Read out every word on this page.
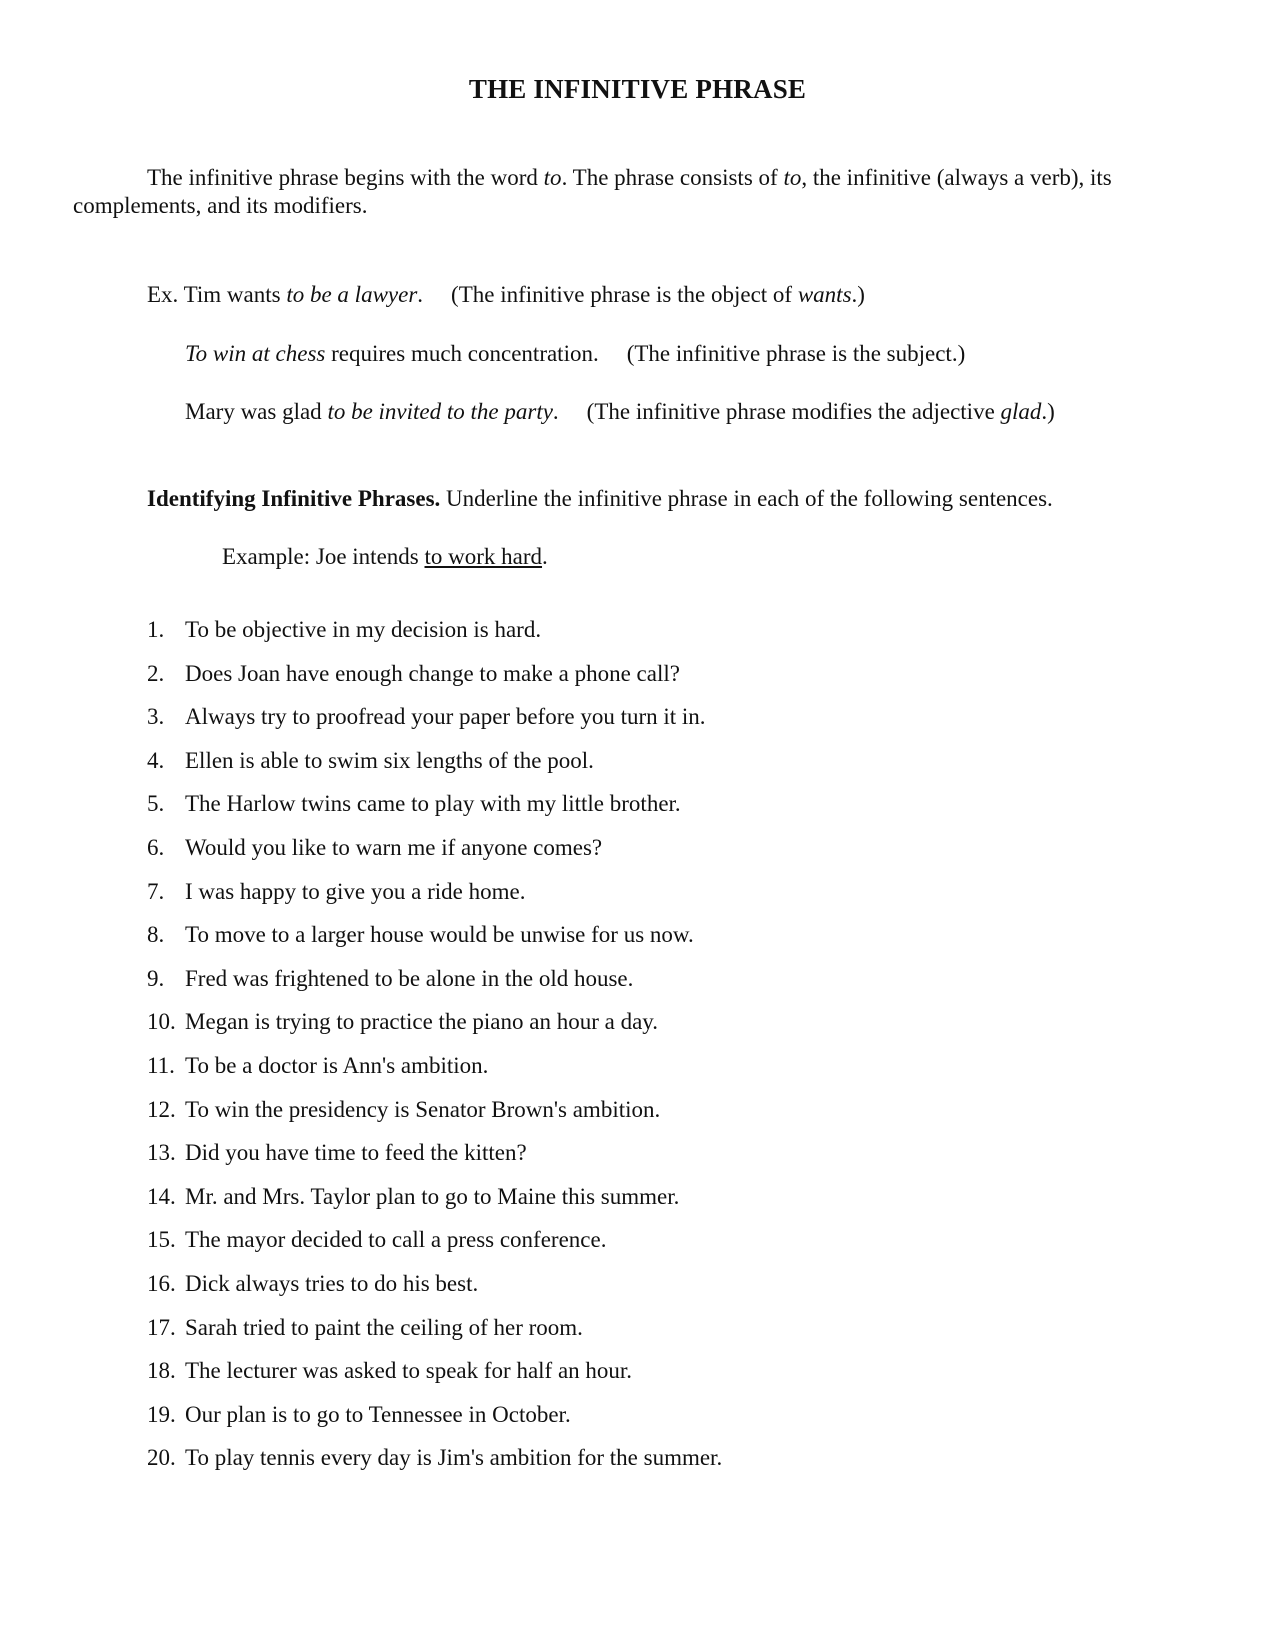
THE INFINITIVE PHRASE
The infinitive phrase begins with the word to. The phrase consists of to, the infinitive (always a verb), its complements, and its modifiers.
Ex. Tim wants to be a lawyer. (The infinitive phrase is the object of wants.)
To win at chess requires much concentration. (The infinitive phrase is the subject.)
Mary was glad to be invited to the party. (The infinitive phrase modifies the adjective glad.)
Identifying Infinitive Phrases. Underline the infinitive phrase in each of the following sentences.
Example: Joe intends to work hard.
1. To be objective in my decision is hard.
2. Does Joan have enough change to make a phone call?
3. Always try to proofread your paper before you turn it in.
4. Ellen is able to swim six lengths of the pool.
5. The Harlow twins came to play with my little brother.
6. Would you like to warn me if anyone comes?
7. I was happy to give you a ride home.
8. To move to a larger house would be unwise for us now.
9. Fred was frightened to be alone in the old house.
10. Megan is trying to practice the piano an hour a day.
11. To be a doctor is Ann's ambition.
12. To win the presidency is Senator Brown's ambition.
13. Did you have time to feed the kitten?
14. Mr. and Mrs. Taylor plan to go to Maine this summer.
15. The mayor decided to call a press conference.
16. Dick always tries to do his best.
17. Sarah tried to paint the ceiling of her room.
18. The lecturer was asked to speak for half an hour.
19. Our plan is to go to Tennessee in October.
20. To play tennis every day is Jim's ambition for the summer.
